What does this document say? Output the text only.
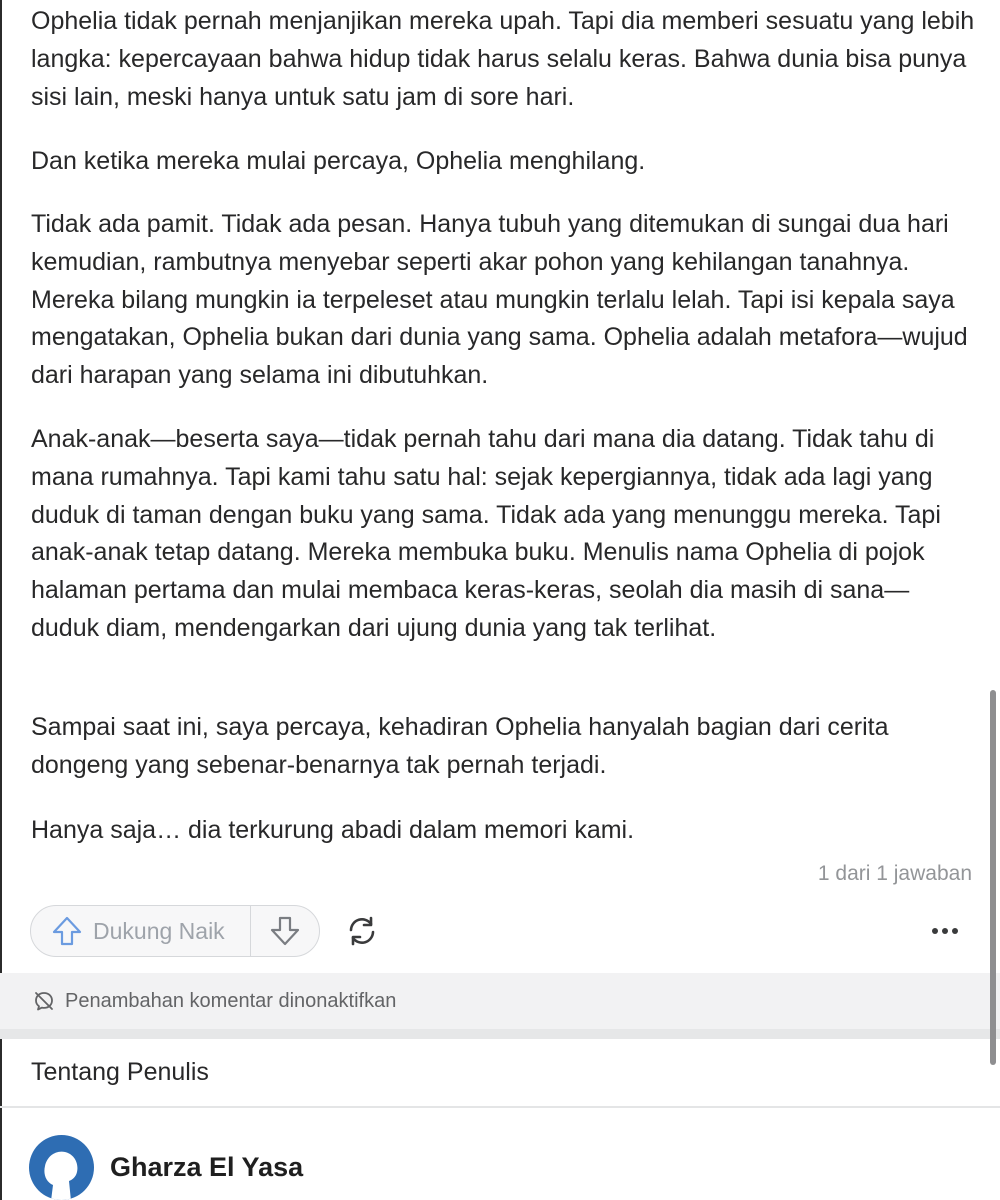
Ophelia tidak pernah menjanjikan mereka upah. Tapi dia memberi sesuatu yang lebih langka: kepercayaan bahwa hidup tidak harus selalu keras. Bahwa dunia bisa punya sisi lain, meski hanya untuk satu jam di sore hari.

Dan ketika mereka mulai percaya, Ophelia menghilang.

Tidak ada pamit. Tidak ada pesan. Hanya tubuh yang ditemukan di sungai dua hari kemudian, rambutnya menyebar seperti akar pohon yang kehilangan tanahnya. Mereka bilang mungkin ia terpeleset atau mungkin terlalu lelah. Tapi isi kepala saya mengatakan, Ophelia bukan dari dunia yang sama. Ophelia adalah metafora—wujud dari harapan yang selama ini dibutuhkan.

Anak-anak—beserta saya—tidak pernah tahu dari mana dia datang. Tidak tahu di mana rumahnya. Tapi kami tahu satu hal: sejak kepergiannya, tidak ada lagi yang duduk di taman dengan buku yang sama. Tidak ada yang menunggu mereka. Tapi anak-anak tetap datang. Mereka membuka buku. Menulis nama Ophelia di pojok halaman pertama dan mulai membaca keras-keras, seolah dia masih di sana—duduk diam, mendengarkan dari ujung dunia yang tak terlihat.

Sampai saat ini, saya percaya, kehadiran Ophelia hanyalah bagian dari cerita dongeng yang sebenar-benarnya tak pernah terjadi.

Hanya saja… dia terkurung abadi dalam memori kami.

1 dari 1 jawaban
Dukung Naik
Penambahan komentar dinonaktifkan
Tentang Penulis
Gharza El Yasa
